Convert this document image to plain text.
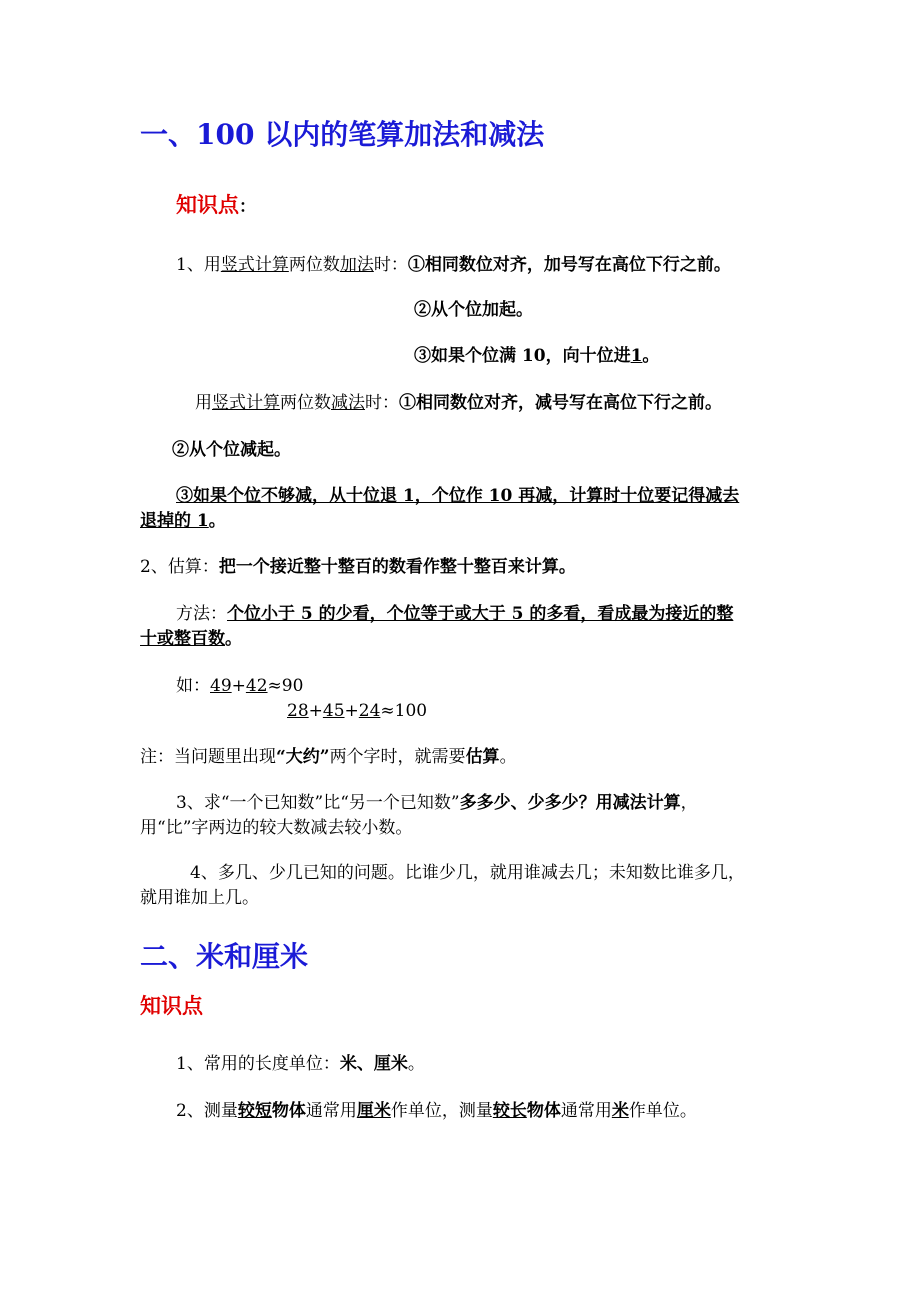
一、100 以内的笔算加法和减法
知识点：
1、用竖式计算两位数加法时：①相同数位对齐，加号写在高位下行之前。
②从个位加起。
③如果个位满 10，向十位进1。
用竖式计算两位数减法时：①相同数位对齐，减号写在高位下行之前。
②从个位减起。
③如果个位不够减，从十位退 1，个位作 10 再减，计算时十位要记得减去
退掉的 1。
2、估算：把一个接近整十整百的数看作整十整百来计算。
方法：个位小于 5 的少看，个位等于或大于 5 的多看，看成最为接近的整
十或整百数。
如：49+42≈90
28+45+24≈100
注：当问题里出现“大约”两个字时，就需要估算。
3、求“一个已知数”比“另一个已知数”多多少、少多少？用减法计算，
用“比”字两边的较大数减去较小数。
4、多几、少几已知的问题。比谁少几，就用谁减去几；未知数比谁多几，
就用谁加上几。
二、米和厘米
知识点
1、常用的长度单位：米、厘米。
2、测量较短物体通常用厘米作单位，测量较长物体通常用米作单位。
